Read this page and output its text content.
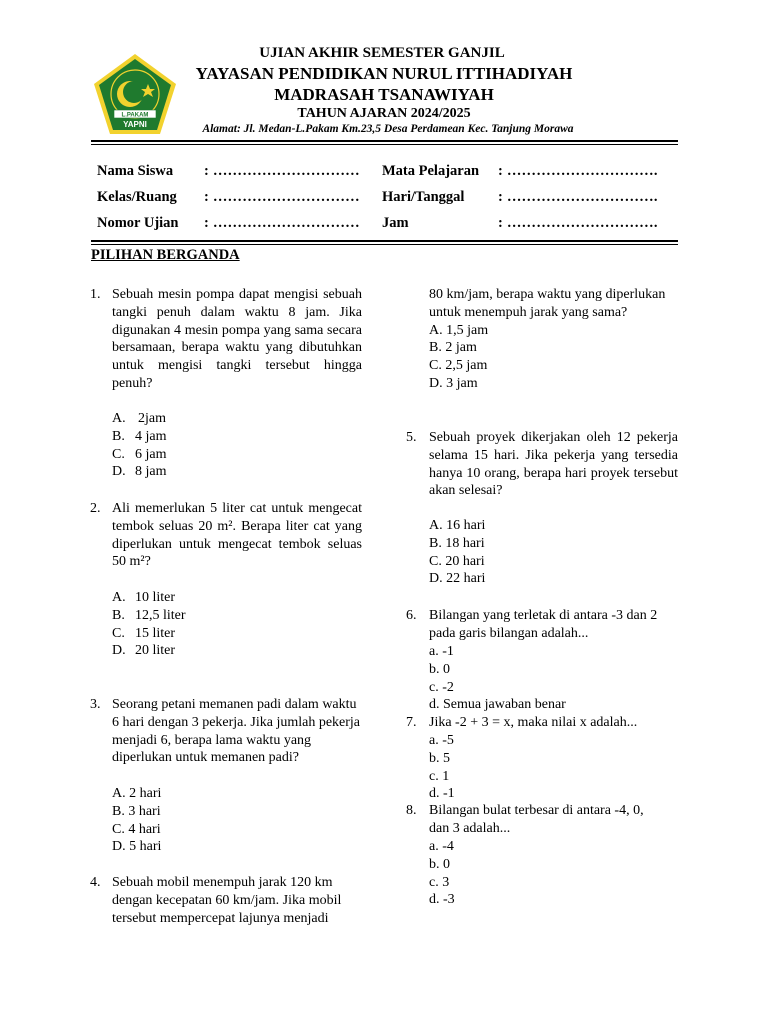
L.PAKAM
YAPNI
UJIAN AKHIR SEMESTER GANJIL
YAYASAN PENDIDIKAN NURUL ITTIHADIYAH
MADRASAH TSANAWIYAH
TAHUN AJARAN 2024/2025
Alamat: Jl. Medan-L.Pakam Km.23,5 Desa Perdamean Kec. Tanjung Morawa
Nama Siswa : ………………………… Mata Pelajaran : ………………………….
Kelas/Ruang : ………………………… Hari/Tanggal : ………………………….
Nomor Ujian : ………………………… Jam	: ………………………….
PILIHAN BERGANDA
1. Sebuah mesin pompa dapat mengisi sebuah tangki penuh dalam waktu 8 jam. Jika digunakan 4 mesin pompa yang sama secara bersamaan, berapa waktu yang dibutuhkan untuk mengisi tangki tersebut hingga penuh?
A. 2jam
B. 4 jam
C. 6 jam
D. 8 jam
2. Ali memerlukan 5 liter cat untuk mengecat tembok seluas 20 m². Berapa liter cat yang diperlukan untuk mengecat tembok seluas 50 m²?
A. 10 liter
B. 12,5 liter
C. 15 liter
D. 20 liter
3. Seorang petani memanen padi dalam waktu 6 hari dengan 3 pekerja. Jika jumlah pekerja menjadi 6, berapa lama waktu yang diperlukan untuk memanen padi?
A. 2 hari
B. 3 hari
C. 4 hari
D. 5 hari
4. Sebuah mobil menempuh jarak 120 km dengan kecepatan 60 km/jam. Jika mobil tersebut mempercepat lajunya menjadi
80 km/jam, berapa waktu yang diperlukan untuk menempuh jarak yang sama?
A. 1,5 jam
B. 2 jam
C. 2,5 jam
D. 3 jam
5. Sebuah proyek dikerjakan oleh 12 pekerja selama 15 hari. Jika pekerja yang tersedia hanya 10 orang, berapa hari proyek tersebut akan selesai?
A. 16 hari
B. 18 hari
C. 20 hari
D. 22 hari
6. Bilangan yang terletak di antara -3 dan 2 pada garis bilangan adalah...
a. -1
b. 0
c. -2
d. Semua jawaban benar
7. Jika -2 + 3 = x, maka nilai x adalah...
a. -5
b. 5
c. 1
d. -1
8. Bilangan bulat terbesar di antara -4, 0, dan 3 adalah...
a. -4
b. 0
c. 3
d. -3
